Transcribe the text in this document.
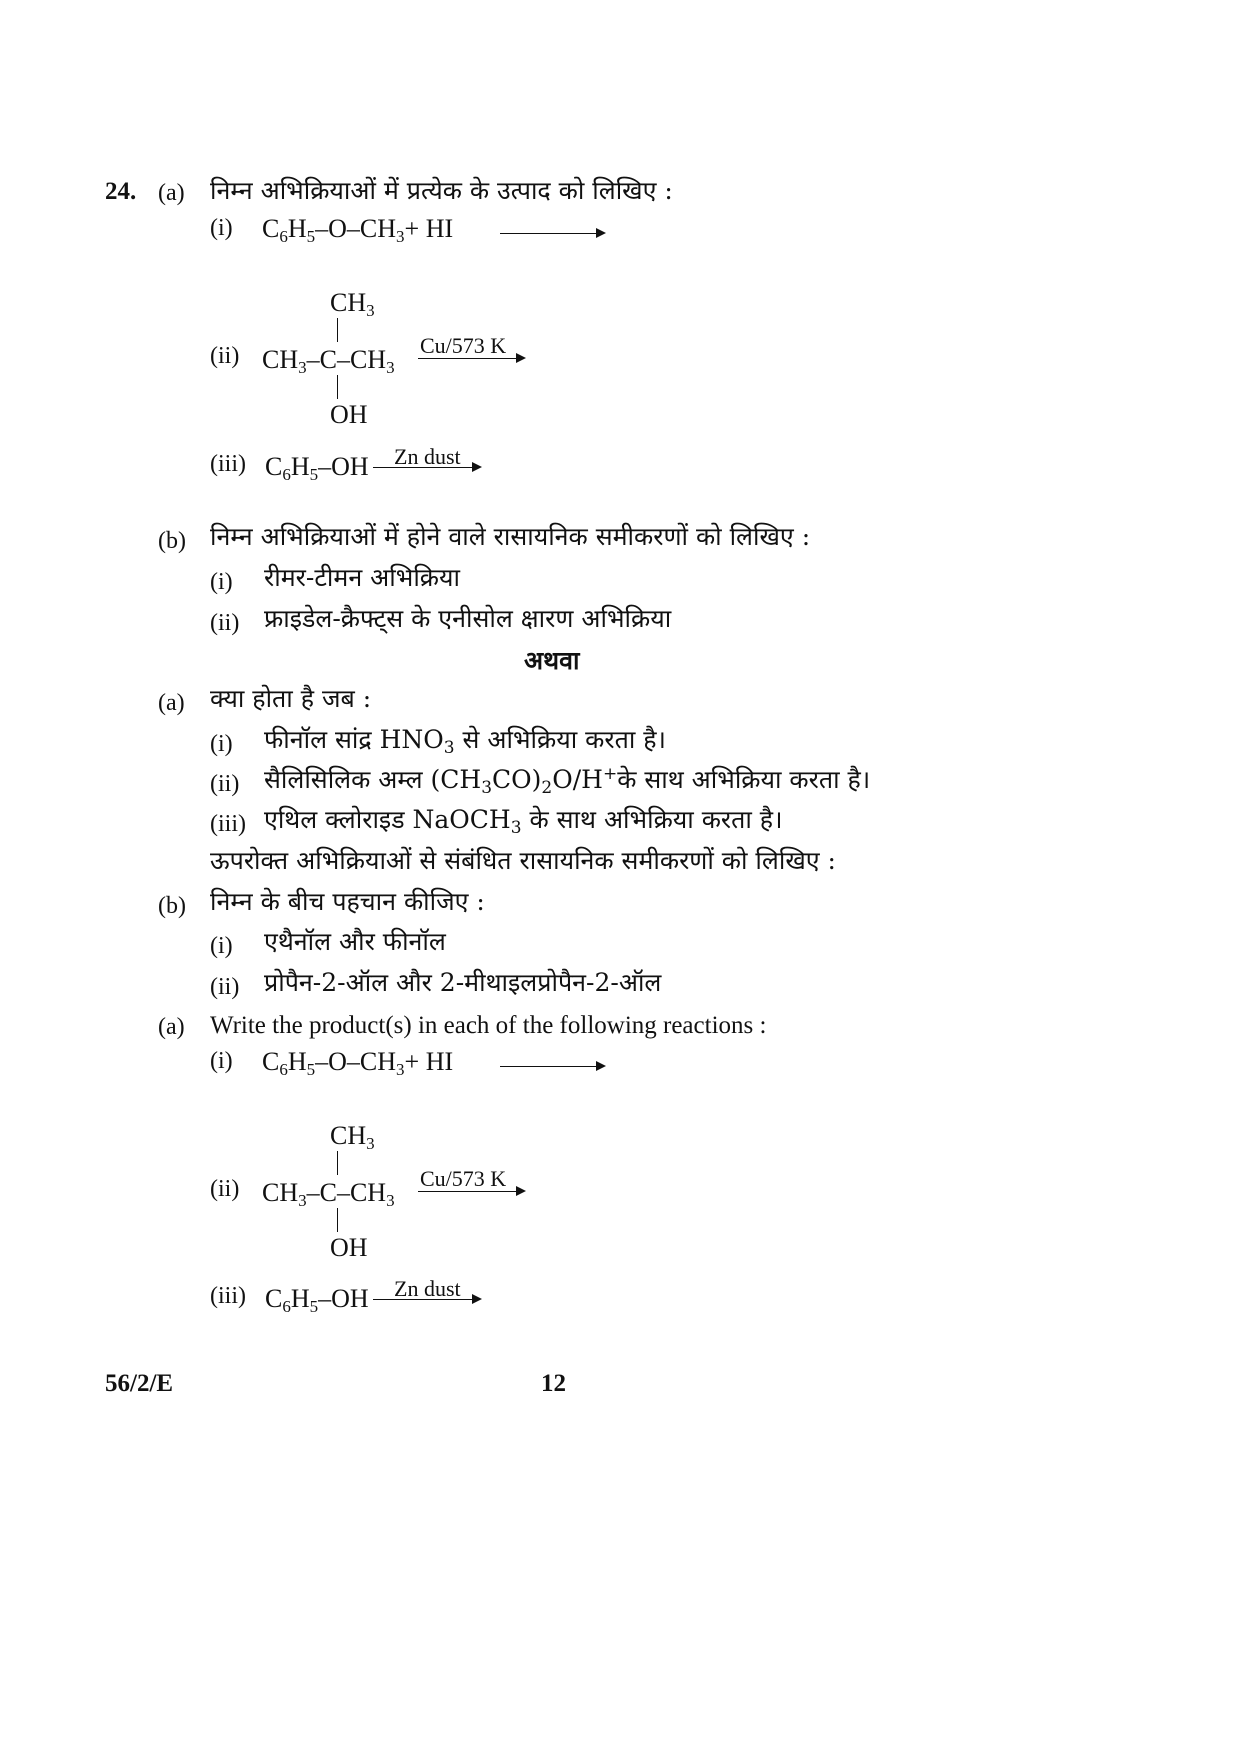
24. (a) निम्न अभिक्रियाओं में प्रत्येक के उत्पाद को लिखिए :
(i) $C_6H_5-O-CH_3+$ HI
$CH_3$
(ii) $CH_3-C-CH_3$
Cu/573 K
OH
(iii) $C_6H_5-OH$ Zn dust
(b) निम्न अभिक्रियाओं में होने वाले रासायनिक समीकरणों को लिखिए :
(i) रीमर-टीमन अभिक्रिया
(ii) फ्राइडेल-क्रैफ्ट्स के एनीसोल क्षारण अभिक्रिया
अथवा
(a) क्या होता है जब :
(i) फीनॉल सांद्र $HNO_3$ से अभिक्रिया करता है।
(ii) सैलिसिलिक अम्ल $(CH_3CO)_2O/H^+के$ साथ अभिक्रिया करता है।
(iii) एथिल क्लोराइड NaOCH$_3$ के साथ अभिक्रिया करता है।
ऊपरोक्त अभिक्रियाओं से संबंधित रासायनिक समीकरणों को लिखिए :
(b) निम्न के बीच पहचान कीजिए :
(i) एथैनॉल और फीनॉल
(ii) प्रोपैन-2-ऑल और 2-मीथाइलप्रोपैन-2-ऑल
(a) Write the product(s) in each of the following reactions :
(i) $C_6H_5-O-CH_3+$ HI
$CH_3$
(ii) $CH_3-C-CH_3$
Cu/573 K
OH
(iii) $C_6H_5-OH$ Zn dust
56/2/E	12
